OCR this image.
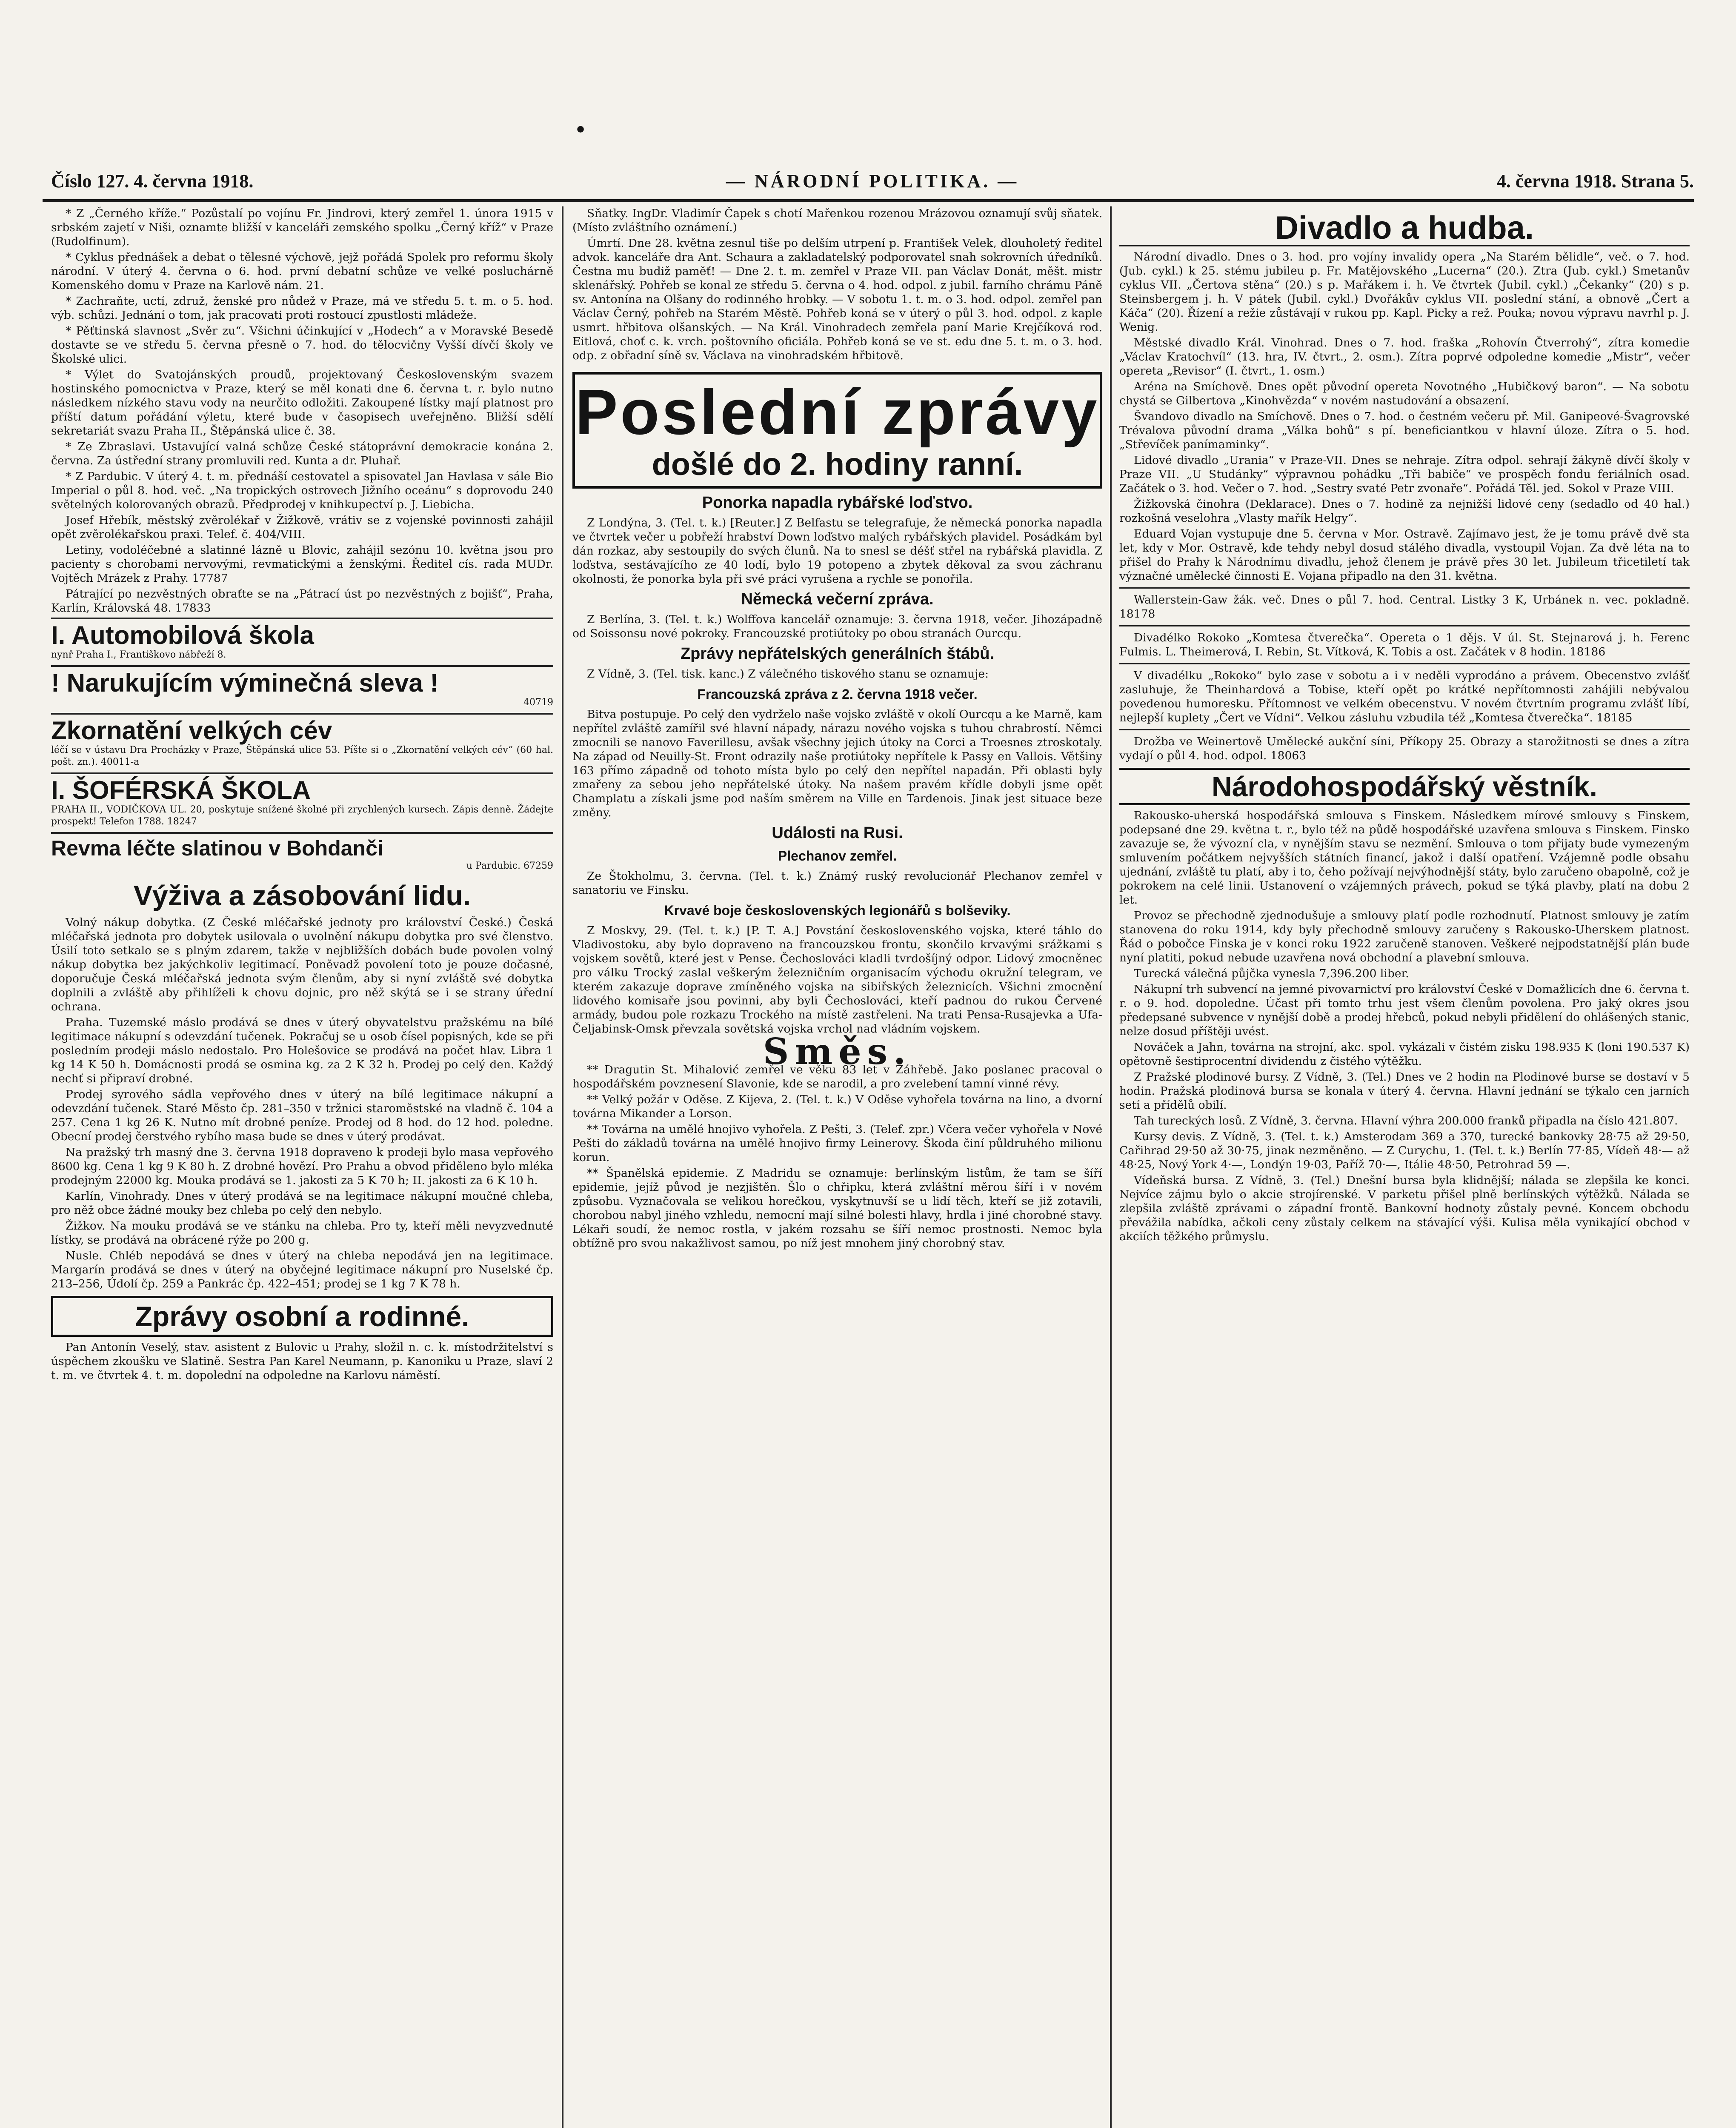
•
Číslo 127. 4. června 1918.	— NÁRODNÍ POLITIKA. —	4. června 1918. Strana 5.

* Z „Černého kříže.“ Pozůstalí po vojínu Fr. Jindrovi, který zemřel 1. února 1915 v srbském zajetí v Niši, oznamte bližší v kanceláři zemského spolku „Černý kříž“ v Praze (Rudolfinum).

* Cyklus přednášek a debat o tělesné výchově, jejž pořádá Spolek pro reformu školy národní. V úterý 4. června o 6. hod. první debatní schůze ve velké posluchárně Komenského domu v Praze na Karlově nám. 21.

* Zachraňte, uctí, združ, ženské pro nůdež v Praze, má ve středu 5. t. m. o 5. hod. výb. schůzi. Jednání o tom, jak pracovati proti rostoucí zpustlosti mládeže.

* Pěťtinská slavnost „Svěr zu“. Všichni účinkující v „Hodech“ a v Moravské Besedě dostavte se ve středu 5. června přesně o 7. hod. do tělocvičny Vyšší dívčí školy ve Školské ulici.

* Výlet do Svatojánských proudů, projektovaný Československým svazem hostinského pomocnictva v Praze, který se měl konati dne 6. června t. r. bylo nutno následkem nízkého stavu vody na neurčito odložiti. Zakoupené lístky mají platnost pro příští datum pořádání výletu, které bude v časopisech uveřejněno. Bližší sdělí sekretariát svazu Praha II., Štěpánská ulice č. 38.

* Ze Zbraslavi. Ustavující valná schůze České státoprávní demokracie konána 2. června. Za ústřední strany promluvili red. Kunta a dr. Pluhař.

* Z Pardubic. V úterý 4. t. m. přednáší cestovatel a spisovatel Jan Havlasa v sále Bio Imperial o půl 8. hod. več. „Na tropických ostrovech Jižního oceánu“ s doprovodu 240 světelných kolorovaných obrazů. Předprodej v knihkupectví p. J. Liebicha.

Josef Hřebík, městský zvěrolékař v Žižkově, vrátiv se z vojenské povinnosti zahájil opět zvěrolékařskou praxi. Telef. č. 404/VIII.

Letiny, vodoléčebné a slatinné lázně u Blovic, zahájil sezónu 10. května jsou pro pacienty s chorobami nervovými, revmatickými a ženskými. Ředitel cís. rada MUDr. Vojtěch Mrázek z Prahy. 17787

Pátrající po nezvěstných obraťte se na „Pátrací úst po nezvěstných z bojišť“, Praha, Karlín, Královská 48. 17833

I. Automobilová škola
nynř Praha I., Františkovo nábřeží 8.
! Narukujícím výminečná sleva !
40719
Zkornatění velkých cév
léčí se v ústavu Dra Procházky v Praze, Štěpánská ulice 53. Píšte si o „Zkornatění velkých cév“ (60 hal. pošt. zn.). 40011-a
I. ŠOFÉRSKÁ ŠKOLA
PRAHA II., VODIČKOVA UL. 20, poskytuje snížené školné při zrychlených kursech. Zápis denně. Žádejte prospekt! Telefon 1788. 18247
Revma léčte slatinou v Bohdanči
u Pardubic. 67259
Výživa a zásobování lidu.

Volný nákup dobytka. (Z České mléčařské jednoty pro království České.) Česká mléčařská jednota pro dobytek usilovala o uvolnění nákupu dobytka pro své členstvo. Úsilí toto setkalo se s plným zdarem, takže v nejbližších dobách bude povolen volný nákup dobytka bez jakýchkoliv legitimací. Poněvadž povolení toto je pouze dočasné, doporučuje Česká mléčařská jednota svým členům, aby si nyní zvláště své dobytka doplnili a zvláště aby přihlíželi k chovu dojnic, pro něž skýtá se i se strany úřední ochrana.

Praha. Tuzemské máslo prodává se dnes v úterý obyvatelstvu pražskému na bílé legitimace nákupní s odevzdání tučenek. Pokračuj se u osob čísel popisných, kde se při posledním prodeji máslo nedostalo. Pro Holešovice se prodává na počet hlav. Libra 1 kg 14 K 50 h. Domácnosti prodá se osmina kg. za 2 K 32 h. Prodej po celý den. Každý nechť si připraví drobné.

Prodej syrového sádla vepřového dnes v úterý na bílé legitimace nákupní a odevzdání tučenek. Staré Město čp. 281–350 v tržnici staroměstské na vladně č. 104 a 257. Cena 1 kg 26 K. Nutno mít drobné peníze. Prodej od 8 hod. do 12 hod. poledne. Obecní prodej čerstvého rybího masa bude se dnes v úterý prodávat.

Na pražský trh masný dne 3. června 1918 dopraveno k prodeji bylo masa vepřového 8600 kg. Cena 1 kg 9 K 80 h. Z drobné hovězí. Pro Prahu a obvod přiděleno bylo mléka prodejným 22000 kg. Mouka prodává se 1. jakosti za 5 K 70 h; II. jakosti za 6 K 10 h.

Karlín, Vinohrady. Dnes v úterý prodává se na legitimace nákupní moučné chleba, pro něž obce žádné mouky bez chleba po celý den nebylo.

Žižkov. Na mouku prodává se ve stánku na chleba. Pro ty, kteří měli nevyzvednuté lístky, se prodává na obrácené rýže po 200 g.

Nusle. Chléb nepodává se dnes v úterý na chleba nepodává jen na legitimace. Margarín prodává se dnes v úterý na obyčejné legitimace nákupní pro Nuselské čp. 213–256, Údolí čp. 259 a Pankrác čp. 422–451; prodej se 1 kg 7 K 78 h.

Zprávy osobní a rodinné.

Pan Antonín Veselý, stav. asistent z Bulovic u Prahy, složil n. c. k. místodržitelství s úspěchem zkoušku ve Slatině. Sestra Pan Karel Neumann, p. Kanoniku u Praze, slaví 2 t. m. ve čtvrtek 4. t. m. dopolední na odpoledne na Karlovu náměstí.

Sňatky. IngDr. Vladimír Čapek s chotí Mařenkou rozenou Mrázovou oznamují svůj sňatek. (Místo zvláštního oznámení.)

Úmrtí. Dne 28. května zesnul tiše po delším utrpení p. František Velek, dlouholetý ředitel advok. kanceláře dra Ant. Schaura a zakladatelský podporovatel snah sokrovních úředníků. Čestna mu budiž paměť! — Dne 2. t. m. zemřel v Praze VII. pan Václav Donát, měšt. mistr sklenářský. Pohřeb se konal ze středu 5. června o 4. hod. odpol. z jubil. farního chrámu Páně sv. Antonína na Olšany do rodinného hrobky. — V sobotu 1. t. m. o 3. hod. odpol. zemřel pan Václav Černý, pohřeb na Starém Městě. Pohřeb koná se v úterý o půl 3. hod. odpol. z kaple usmrt. hřbitova olšanských. — Na Král. Vinohradech zemřela paní Marie Krejčíková rod. Eitlová, choť c. k. vrch. poštovního oficiála. Pohřeb koná se ve st. edu dne 5. t. m. o 3. hod. odp. z obřadní síně sv. Václava na vinohradském hřbitově.

Poslední zprávy
došlé do 2. hodiny ranní.
Ponorka napadla rybářské loďstvo.

Z Londýna, 3. (Tel. t. k.) [Reuter.] Z Belfastu se telegrafuje, že německá ponorka napadla ve čtvrtek večer u pobřeží hrabství Down loďstvo malých rybářských plavidel. Posádkám byl dán rozkaz, aby sestoupily do svých člunů. Na to snesl se déšť střel na rybářská plavidla. Z loďstva, sestávajícího ze 40 lodí, bylo 19 potopeno a zbytek děkoval za svou záchranu okolnosti, že ponorka byla při své práci vyrušena a rychle se ponořila.

Německá večerní zpráva.

Z Berlína, 3. (Tel. t. k.) Wolffova kancelář oznamuje: 3. června 1918, večer. Jihozápadně od Soissonsu nové pokroky. Francouzské protiútoky po obou stranách Ourcqu.

Zprávy nepřátelských generálních štábů.

Z Vídně, 3. (Tel. tisk. kanc.) Z válečného tiskového stanu se oznamuje:

Francouzská zpráva z 2. června 1918 večer.

Bitva postupuje. Po celý den vydrželo naše vojsko zvláště v okolí Ourcqu a ke Marně, kam nepřítel zvláště zamířil své hlavní nápady, nárazu nového vojska s tuhou chrabrostí. Němci zmocnili se nanovo Faverillesu, avšak všechny jejich útoky na Corci a Troesnes ztroskotaly. Na západ od Neuilly-St. Front odrazily naše protiútoky nepřítele k Passy en Vallois. Většiny 163 přímo západně od tohoto místa bylo po celý den nepřítel napadán. Při oblasti byly zmařeny za sebou jeho nepřátelské útoky. Na našem pravém křídle dobyli jsme opět Champlatu a získali jsme pod naším směrem na Ville en Tardenois. Jinak jest situace beze změny.

Události na Rusi.
Plechanov zemřel.

Ze Štokholmu, 3. června. (Tel. t. k.) Známý ruský revolucionář Plechanov zemřel v sanatoriu ve Finsku.

Krvavé boje československých legionářů s bolševiky.

Z Moskvy, 29. (Tel. t. k.) [P. T. A.] Povstání československého vojska, které táhlo do Vladivostoku, aby bylo dopraveno na francouzskou frontu, skončilo krvavými srážkami s vojskem sovětů, které jest v Pense. Čechoslováci kladli tvrdošíjný odpor. Lidový zmocněnec pro válku Trocký zaslal veškerým železničním organisacím východu okružní telegram, ve kterém zakazuje doprave zmíněného vojska na sibiřských železnicích. Všichni zmocnění lidového komisaře jsou povinni, aby byli Čechoslováci, kteří padnou do rukou Červené armády, budou pole rozkazu Trockého na místě zastřeleni. Na trati Pensa-Rusajevka a Ufa-Čeljabinsk-Omsk převzala sovětská vojska vrchol nad vládním vojskem.

Směs.

** Dragutin St. Mihalović zemřel ve věku 83 let v Záhřebě. Jako poslanec pracoval o hospodářském povznesení Slavonie, kde se narodil, a pro zvelebení tamní vinné révy.

** Velký požár v Oděse. Z Kijeva, 2. (Tel. t. k.) V Oděse vyhořela továrna na lino, a dvorní továrna Mikander a Lorson.

** Továrna na umělé hnojivo vyhořela. Z Pešti, 3. (Telef. zpr.) Včera večer vyhořela v Nové Pešti do základů továrna na umělé hnojivo firmy Leinerovy. Škoda činí půldruhého milionu korun.

** Španělská epidemie. Z Madridu se oznamuje: berlínským listům, že tam se šíří epidemie, jejíž původ je nezjištěn. Šlo o chřipku, která zvláštní měrou šíří i v novém způsobu. Vyznačovala se velikou horečkou, vyskytnuvší se u lidí těch, kteří se již zotavili, chorobou nabyl jiného vzhledu, nemocní mají silné bolesti hlavy, hrdla i jiné chorobné stavy. Lékaři soudí, že nemoc rostla, v jakém rozsahu se šíří nemoc prostnosti. Nemoc byla obtížně pro svou nakažlivost samou, po níž jest mnohem jiný chorobný stav.

Divadlo a hudba.

Národní divadlo. Dnes o 3. hod. pro vojíny invalidy opera „Na Starém bělidle“, več. o 7. hod. (Jub. cykl.) k 25. stému jubileu p. Fr. Matějovského „Lucerna“ (20.). Ztra (Jub. cykl.) Smetanův cyklus VII. „Čertova stěna“ (20.) s p. Mařákem i. h. Ve čtvrtek (Jubil. cykl.) „Čekanky“ (20) s p. Steinsbergem j. h. V pátek (Jubil. cykl.) Dvořákův cyklus VII. poslední stání, a obnově „Čert a Káča“ (20). Řízení a režie zůstávají v rukou pp. Kapl. Picky a rež. Pouka; novou výpravu navrhl p. J. Wenig.

Městské divadlo Král. Vinohrad. Dnes o 7. hod. fraška „Rohovín Čtverrohý“, zítra komedie „Václav Kratochvíl“ (13. hra, IV. čtvrt., 2. osm.). Zítra poprvé odpoledne komedie „Mistr“, večer opereta „Revisor“ (I. čtvrt., 1. osm.)

Aréna na Smíchově. Dnes opět původní opereta Novotného „Hubičkový baron“. — Na sobotu chystá se Gilbertova „Kinohvězda“ v novém nastudování a obsazení.

Švandovo divadlo na Smíchově. Dnes o 7. hod. o čestném večeru př. Mil. Ganipeové-Švagrovské Trévalova původní drama „Válka bohů“ s pí. beneficiantkou v hlavní úloze. Zítra o 5. hod. „Střevíček panímaminky“.

Lidové divadlo „Urania“ v Praze-VII. Dnes se nehraje. Zítra odpol. sehrají žákyně dívčí školy v Praze VII. „U Studánky“ výpravnou pohádku „Tři babiče“ ve prospěch fondu feriálních osad. Začátek o 3. hod. Večer o 7. hod. „Sestry svaté Petr zvonaře“. Pořádá Těl. jed. Sokol v Praze VIII.

Žižkovská činohra (Deklarace). Dnes o 7. hodině za nejnižší lidové ceny (sedadlo od 40 hal.) rozkošná veselohra „Vlasty mařík Helgy“.

Eduard Vojan vystupuje dne 5. června v Mor. Ostravě. Zajímavo jest, že je tomu právě dvě sta let, kdy v Mor. Ostravě, kde tehdy nebyl dosud stálého divadla, vystoupil Vojan. Za dvě léta na to přišel do Prahy k Národnímu divadlu, jehož členem je právě přes 30 let. Jubileum třicetiletí tak význačné umělecké činnosti E. Vojana připadlo na den 31. května.

Wallerstein-Gaw žák. več. Dnes o půl 7. hod. Central. Listky 3 K, Urbánek n. vec. pokladně. 18178

Divadélko Rokoko „Komtesa čtverečka“. Opereta o 1 dějs. V úl. St. Stejnarová j. h. Ferenc Fulmis. L. Theimerová, I. Rebin, St. Vítková, K. Tobis a ost. Začátek v 8 hodin. 18186

V divadélku „Rokoko“ bylo zase v sobotu a i v neděli vyprodáno a právem. Obecenstvo zvlášť zasluhuje, že Theinhardová a Tobise, kteří opět po krátké nepřítomnosti zahájili nebývalou povedenou humoresku. Přítomnost ve velkém obecenstvu. V novém čtvrtním programu zvlášť líbí, nejlepší kuplety „Čert ve Vídni“. Velkou zásluhu vzbudila též „Komtesa čtverečka“. 18185

Drožba ve Weinertově Umělecké aukční síni, Příkopy 25. Obrazy a starožitnosti se dnes a zítra vydají o půl 4. hod. odpol. 18063

Národohospodářský věstník.

Rakousko-uherská hospodářská smlouva s Finskem. Následkem mírové smlouvy s Finskem, podepsané dne 29. května t. r., bylo též na půdě hospodářské uzavřena smlouva s Finskem. Finsko zavazuje se, že vývozní cla, v nynějším stavu se nezmění. Smlouva o tom přijaty bude vymezeným smluvením počátkem nejvyšších státních financí, jakož i další opatření. Vzájemně podle obsahu ujednání, zvláště tu platí, aby i to, čeho požívají nejvýhodnější státy, bylo zaručeno obapolně, což je pokrokem na celé linii. Ustanovení o vzájemných právech, pokud se týká plavby, platí na dobu 2 let.

Provoz se přechodně zjednodušuje a smlouvy platí podle rozhodnutí. Platnost smlouvy je zatím stanovena do roku 1914, kdy byly přechodně smlouvy zaručeny s Rakousko-Uherskem platnost. Řád o pobočce Finska je v konci roku 1922 zaručeně stanoven. Veškeré nejpodstatnější plán bude nyní platiti, pokud nebude uzavřena nová obchodní a plavební smlouva.

Turecká válečná půjčka vynesla 7,396.200 liber.

Nákupní trh subvencí na jemné pivovarnictví pro království České v Domažlicích dne 6. června t. r. o 9. hod. dopoledne. Účast při tomto trhu jest všem členům povolena. Pro jaký okres jsou předepsané subvence v nynější době a prodej hřebců, pokud nebyli přidělení do ohlášených stanic, nelze dosud příštěji uvést.

Nováček a Jahn, továrna na strojní, akc. spol. vykázali v čistém zisku 198.935 K (loni 190.537 K) opětovně šestiprocentní dividendu z čistého výtěžku.

Z Pražské plodinové bursy. Z Vídně, 3. (Tel.) Dnes ve 2 hodin na Plodinové burse se dostaví v 5 hodin. Pražská plodinová bursa se konala v úterý 4. června. Hlavní jednání se týkalo cen jarních setí a přídělů obilí.

Tah tureckých losů. Z Vídně, 3. června. Hlavní výhra 200.000 franků připadla na číslo 421.807.

Kursy devis. Z Vídně, 3. (Tel. t. k.) Amsterodam 369 a 370, turecké bankovky 28·75 až 29·50, Cařihrad 29·50 až 30·75, jinak nezměněno. — Z Curychu, 1. (Tel. t. k.) Berlín 77·85, Vídeň 48·— až 48·25, Nový York 4·—, Londýn 19·03, Paříž 70·—, Itálie 48·50, Petrohrad 59 —.

Vídeňská bursa. Z Vídně, 3. (Tel.) Dnešní bursa byla klidnější; nálada se zlepšila ke konci. Nejvíce zájmu bylo o akcie strojírenské. V parketu přišel plně berlínských výtěžků. Nálada se zlepšila zvláště zprávami o západní frontě. Bankovní hodnoty zůstaly pevné. Koncem obchodu převážila nabídka, ačkoli ceny zůstaly celkem na stávající výši. Kulisa měla vynikající obchod v akciích těžkého průmyslu.
